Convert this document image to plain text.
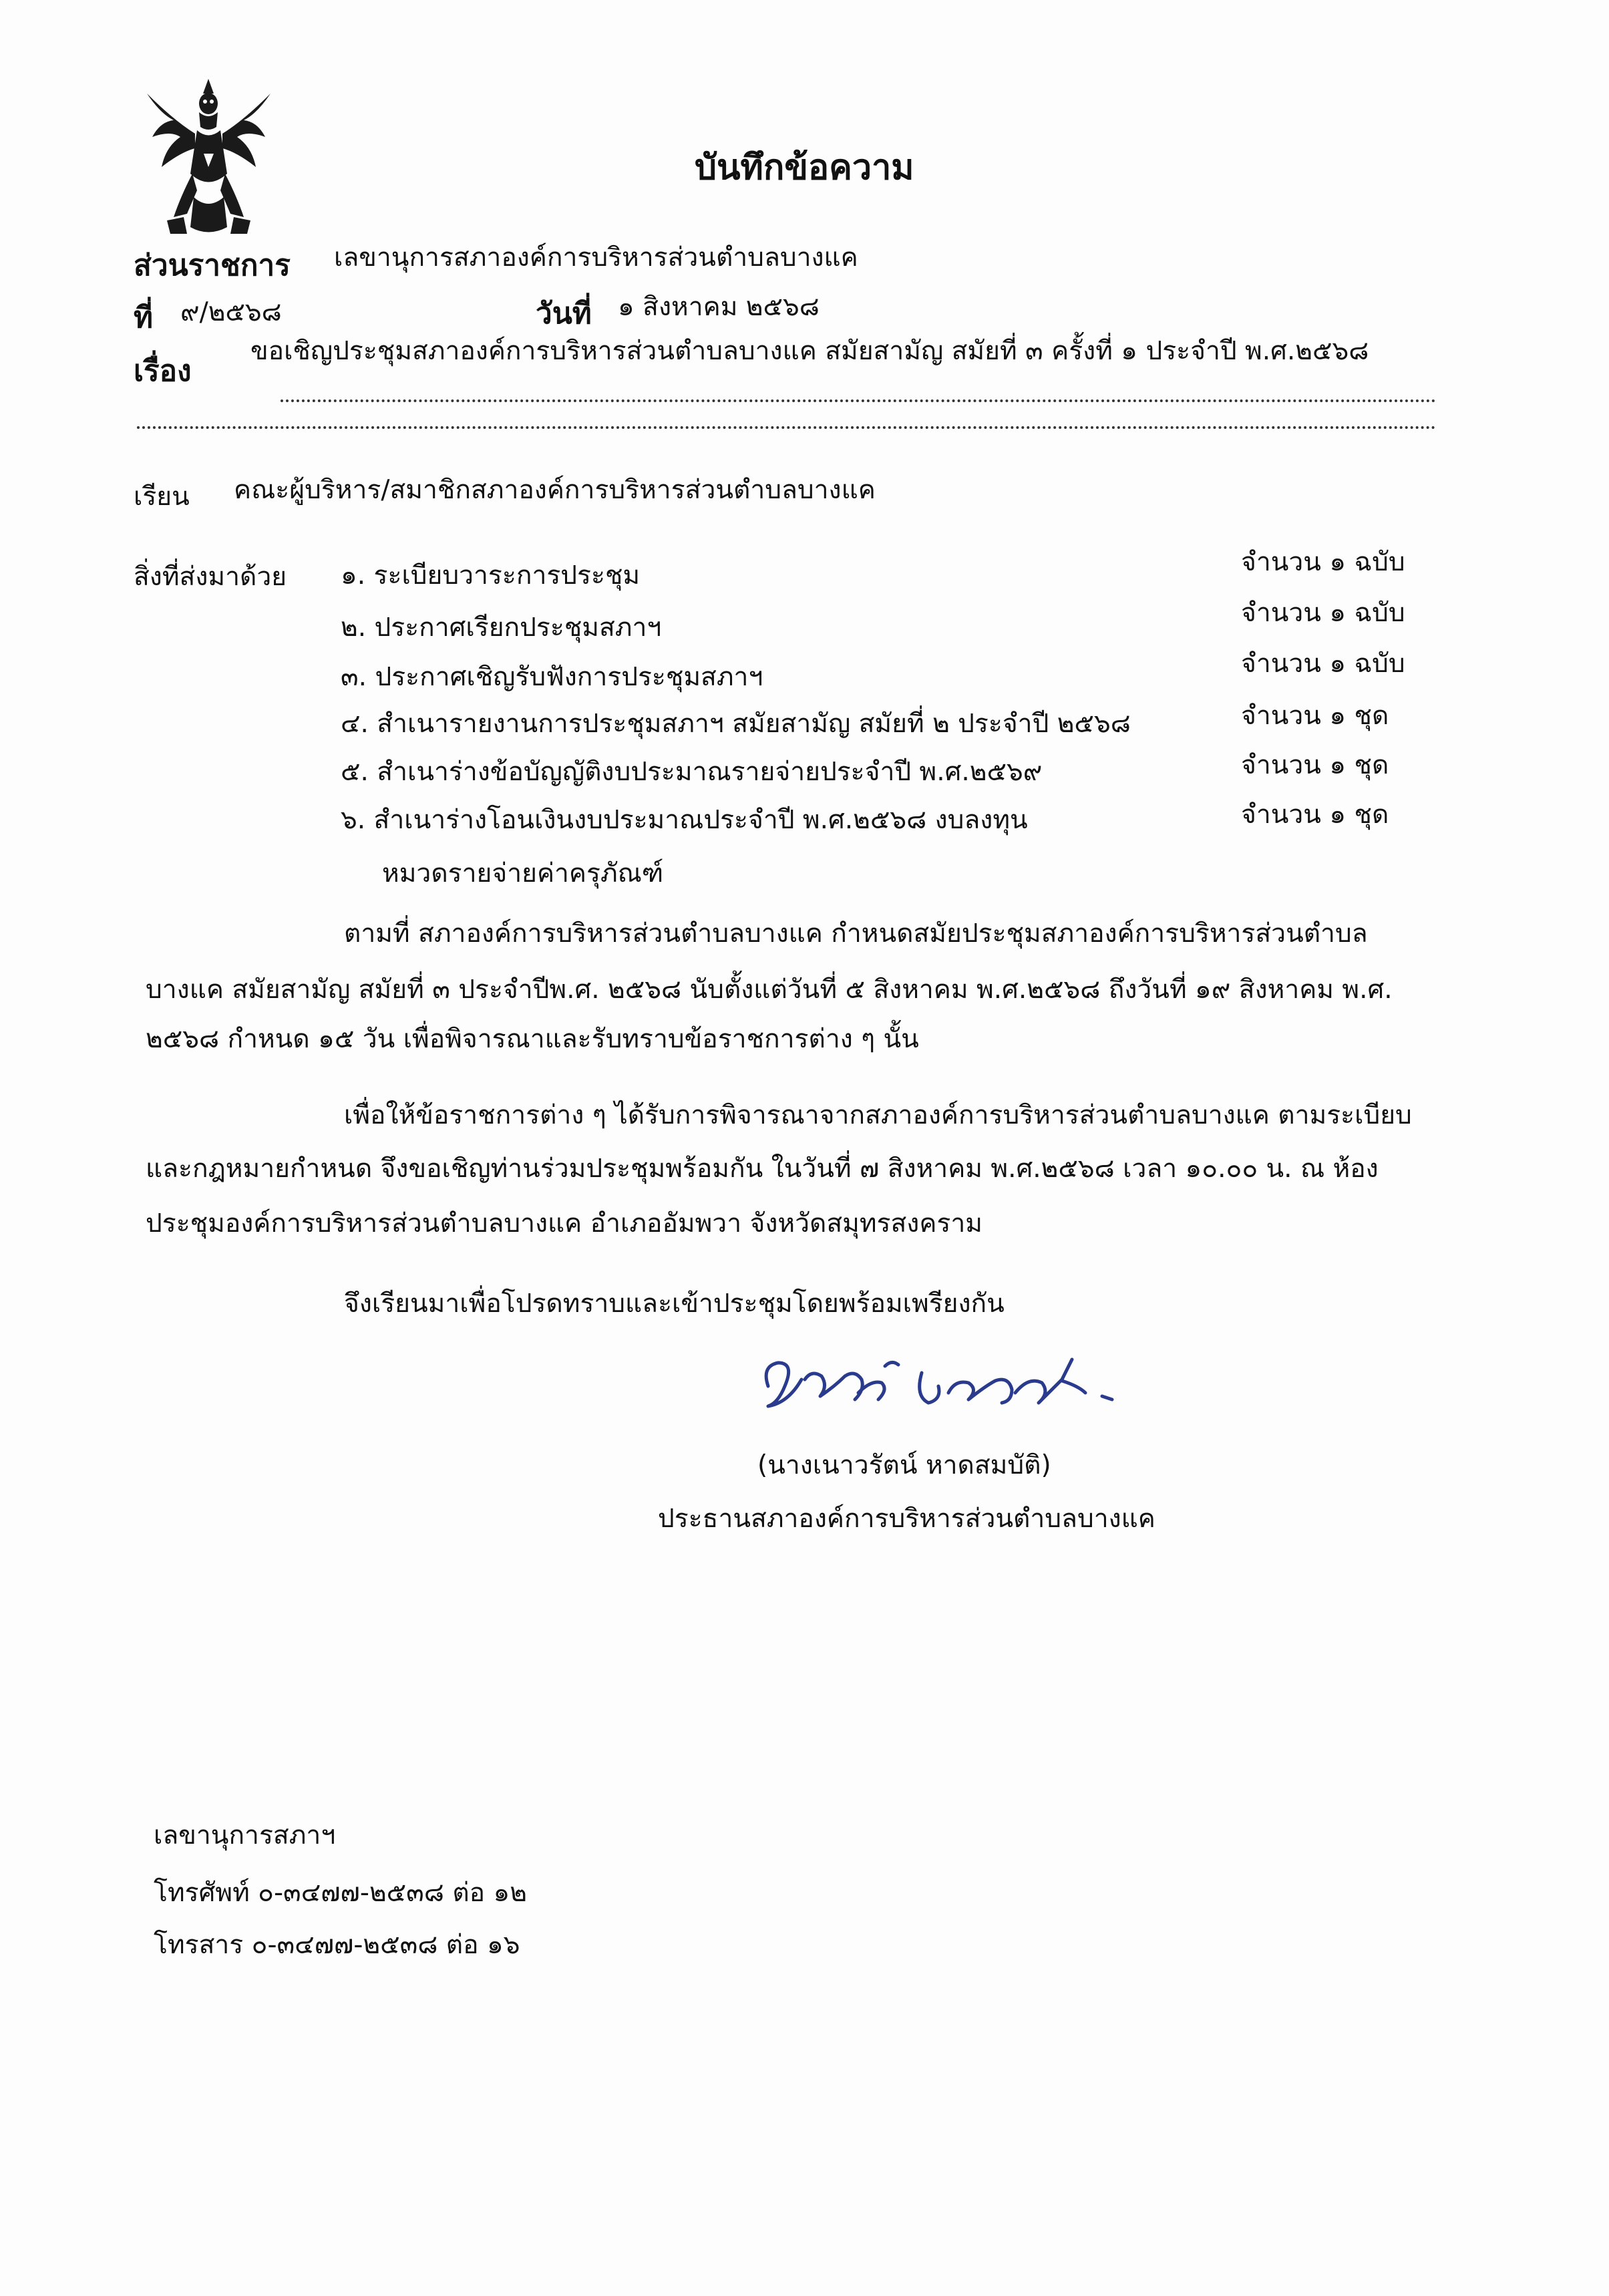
บันทึกข้อความ
ส่วนราชการ เลขานุการสภาองค์การบริหารส่วนตำบลบางแค
ที่ ๙/๒๕๖๘	วันที่ ๑ สิงหาคม ๒๕๖๘
เรื่อง
ขอเชิญประชุมสภาองค์การบริหารส่วนตำบลบางแค สมัยสามัญ สมัยที่ ๓ ครั้งที่ ๑ ประจำปี พ.ศ.๒๕๖๘
เรียน คณะผู้บริหาร/สมาชิกสภาองค์การบริหารส่วนตำบลบางแค
สิ่งที่ส่งมาด้วย ๑. ระเบียบวาระการประชุม	จำนวน ๑ ฉบับ
๒. ประกาศเรียกประชุมสภาฯ	จำนวน ๑ ฉบับ
๓. ประกาศเชิญรับฟังการประชุมสภาฯ	จำนวน ๑ ฉบับ
๔. สำเนารายงานการประชุมสภาฯ สมัยสามัญ สมัยที่ ๒ ประจำปี ๒๕๖๘	จำนวน ๑ ชุด
๕. สำเนาร่างข้อบัญญัติงบประมาณรายจ่ายประจำปี พ.ศ.๒๕๖๙	จำนวน ๑ ชุด
๖. สำเนาร่างโอนเงินงบประมาณประจำปี พ.ศ.๒๕๖๘ งบลงทุน	จำนวน ๑ ชุด
หมวดรายจ่ายค่าครุภัณฑ์
ตามที่ สภาองค์การบริหารส่วนตำบลบางแค กำหนดสมัยประชุมสภาองค์การบริหารส่วนตำบล
บางแค สมัยสามัญ สมัยที่ ๓ ประจำปีพ.ศ. ๒๕๖๘ นับตั้งแต่วันที่ ๕ สิงหาคม พ.ศ.๒๕๖๘ ถึงวันที่ ๑๙ สิงหาคม พ.ศ.
๒๕๖๘ กำหนด ๑๕ วัน เพื่อพิจารณาและรับทราบข้อราชการต่าง ๆ นั้น
เพื่อให้ข้อราชการต่าง ๆ ได้รับการพิจารณาจากสภาองค์การบริหารส่วนตำบลบางแค ตามระเบียบ
และกฎหมายกำหนด จึงขอเชิญท่านร่วมประชุมพร้อมกัน ในวันที่ ๗ สิงหาคม พ.ศ.๒๕๖๘ เวลา ๑๐.๐๐ น. ณ ห้อง
ประชุมองค์การบริหารส่วนตำบลบางแค อำเภออัมพวา จังหวัดสมุทรสงคราม
จึงเรียนมาเพื่อโปรดทราบและเข้าประชุมโดยพร้อมเพรียงกัน
(นางเนาวรัตน์ หาดสมบัติ)
ประธานสภาองค์การบริหารส่วนตำบลบางแค
เลขานุการสภาฯ
โทรศัพท์ ๐-๓๔๗๗-๒๕๓๘ ต่อ ๑๒
โทรสาร ๐-๓๔๗๗-๒๕๓๘ ต่อ ๑๖
